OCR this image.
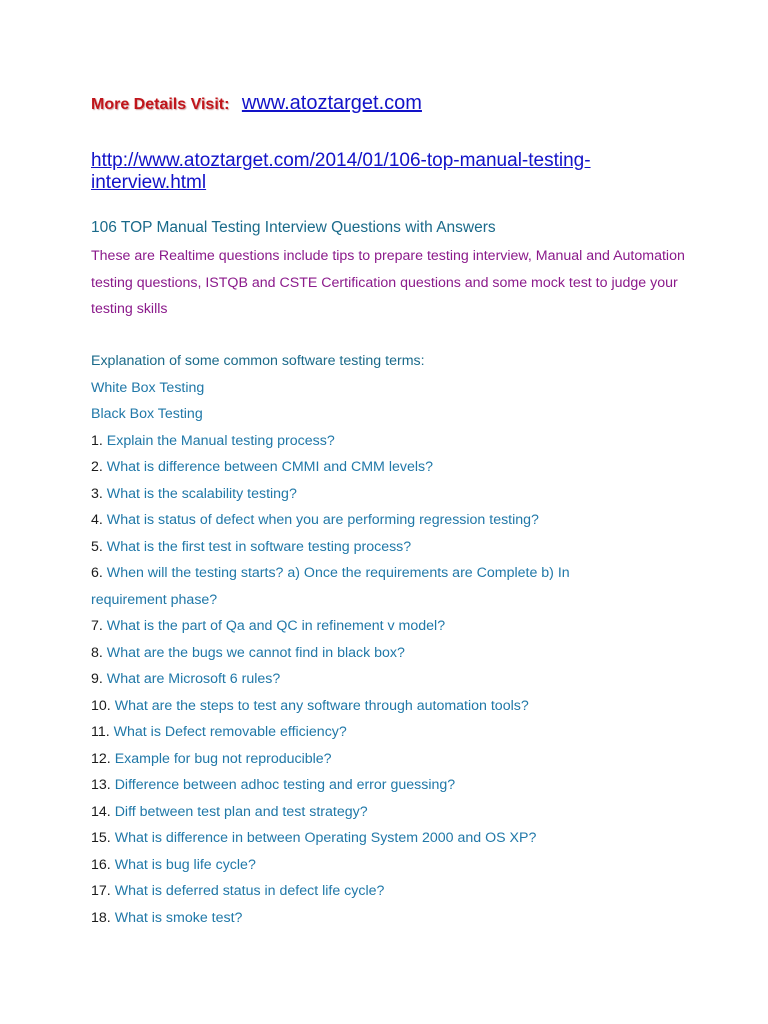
More Details Visit: www.atoztarget.com
http://www.atoztarget.com/2014/01/106-top-manual-testing-interview.html
106 TOP Manual Testing Interview Questions with Answers
These are Realtime questions include tips to prepare testing interview, Manual and Automation testing questions, ISTQB and CSTE Certification questions and some mock test to judge your testing skills
Explanation of some common software testing terms:
White Box Testing
Black Box Testing
1. Explain the Manual testing process?
2. What is difference between CMMI and CMM levels?
3. What is the scalability testing?
4. What is status of defect when you are performing regression testing?
5. What is the first test in software testing process?
6. When will the testing starts? a) Once the requirements are Complete b) In
requirement phase?
7. What is the part of Qa and QC in refinement v model?
8. What are the bugs we cannot find in black box?
9. What are Microsoft 6 rules?
10. What are the steps to test any software through automation tools?
11. What is Defect removable efficiency?
12. Example for bug not reproducible?
13. Difference between adhoc testing and error guessing?
14. Diff between test plan and test strategy?
15. What is difference in between Operating System 2000 and OS XP?
16. What is bug life cycle?
17. What is deferred status in defect life cycle?
18. What is smoke test?
